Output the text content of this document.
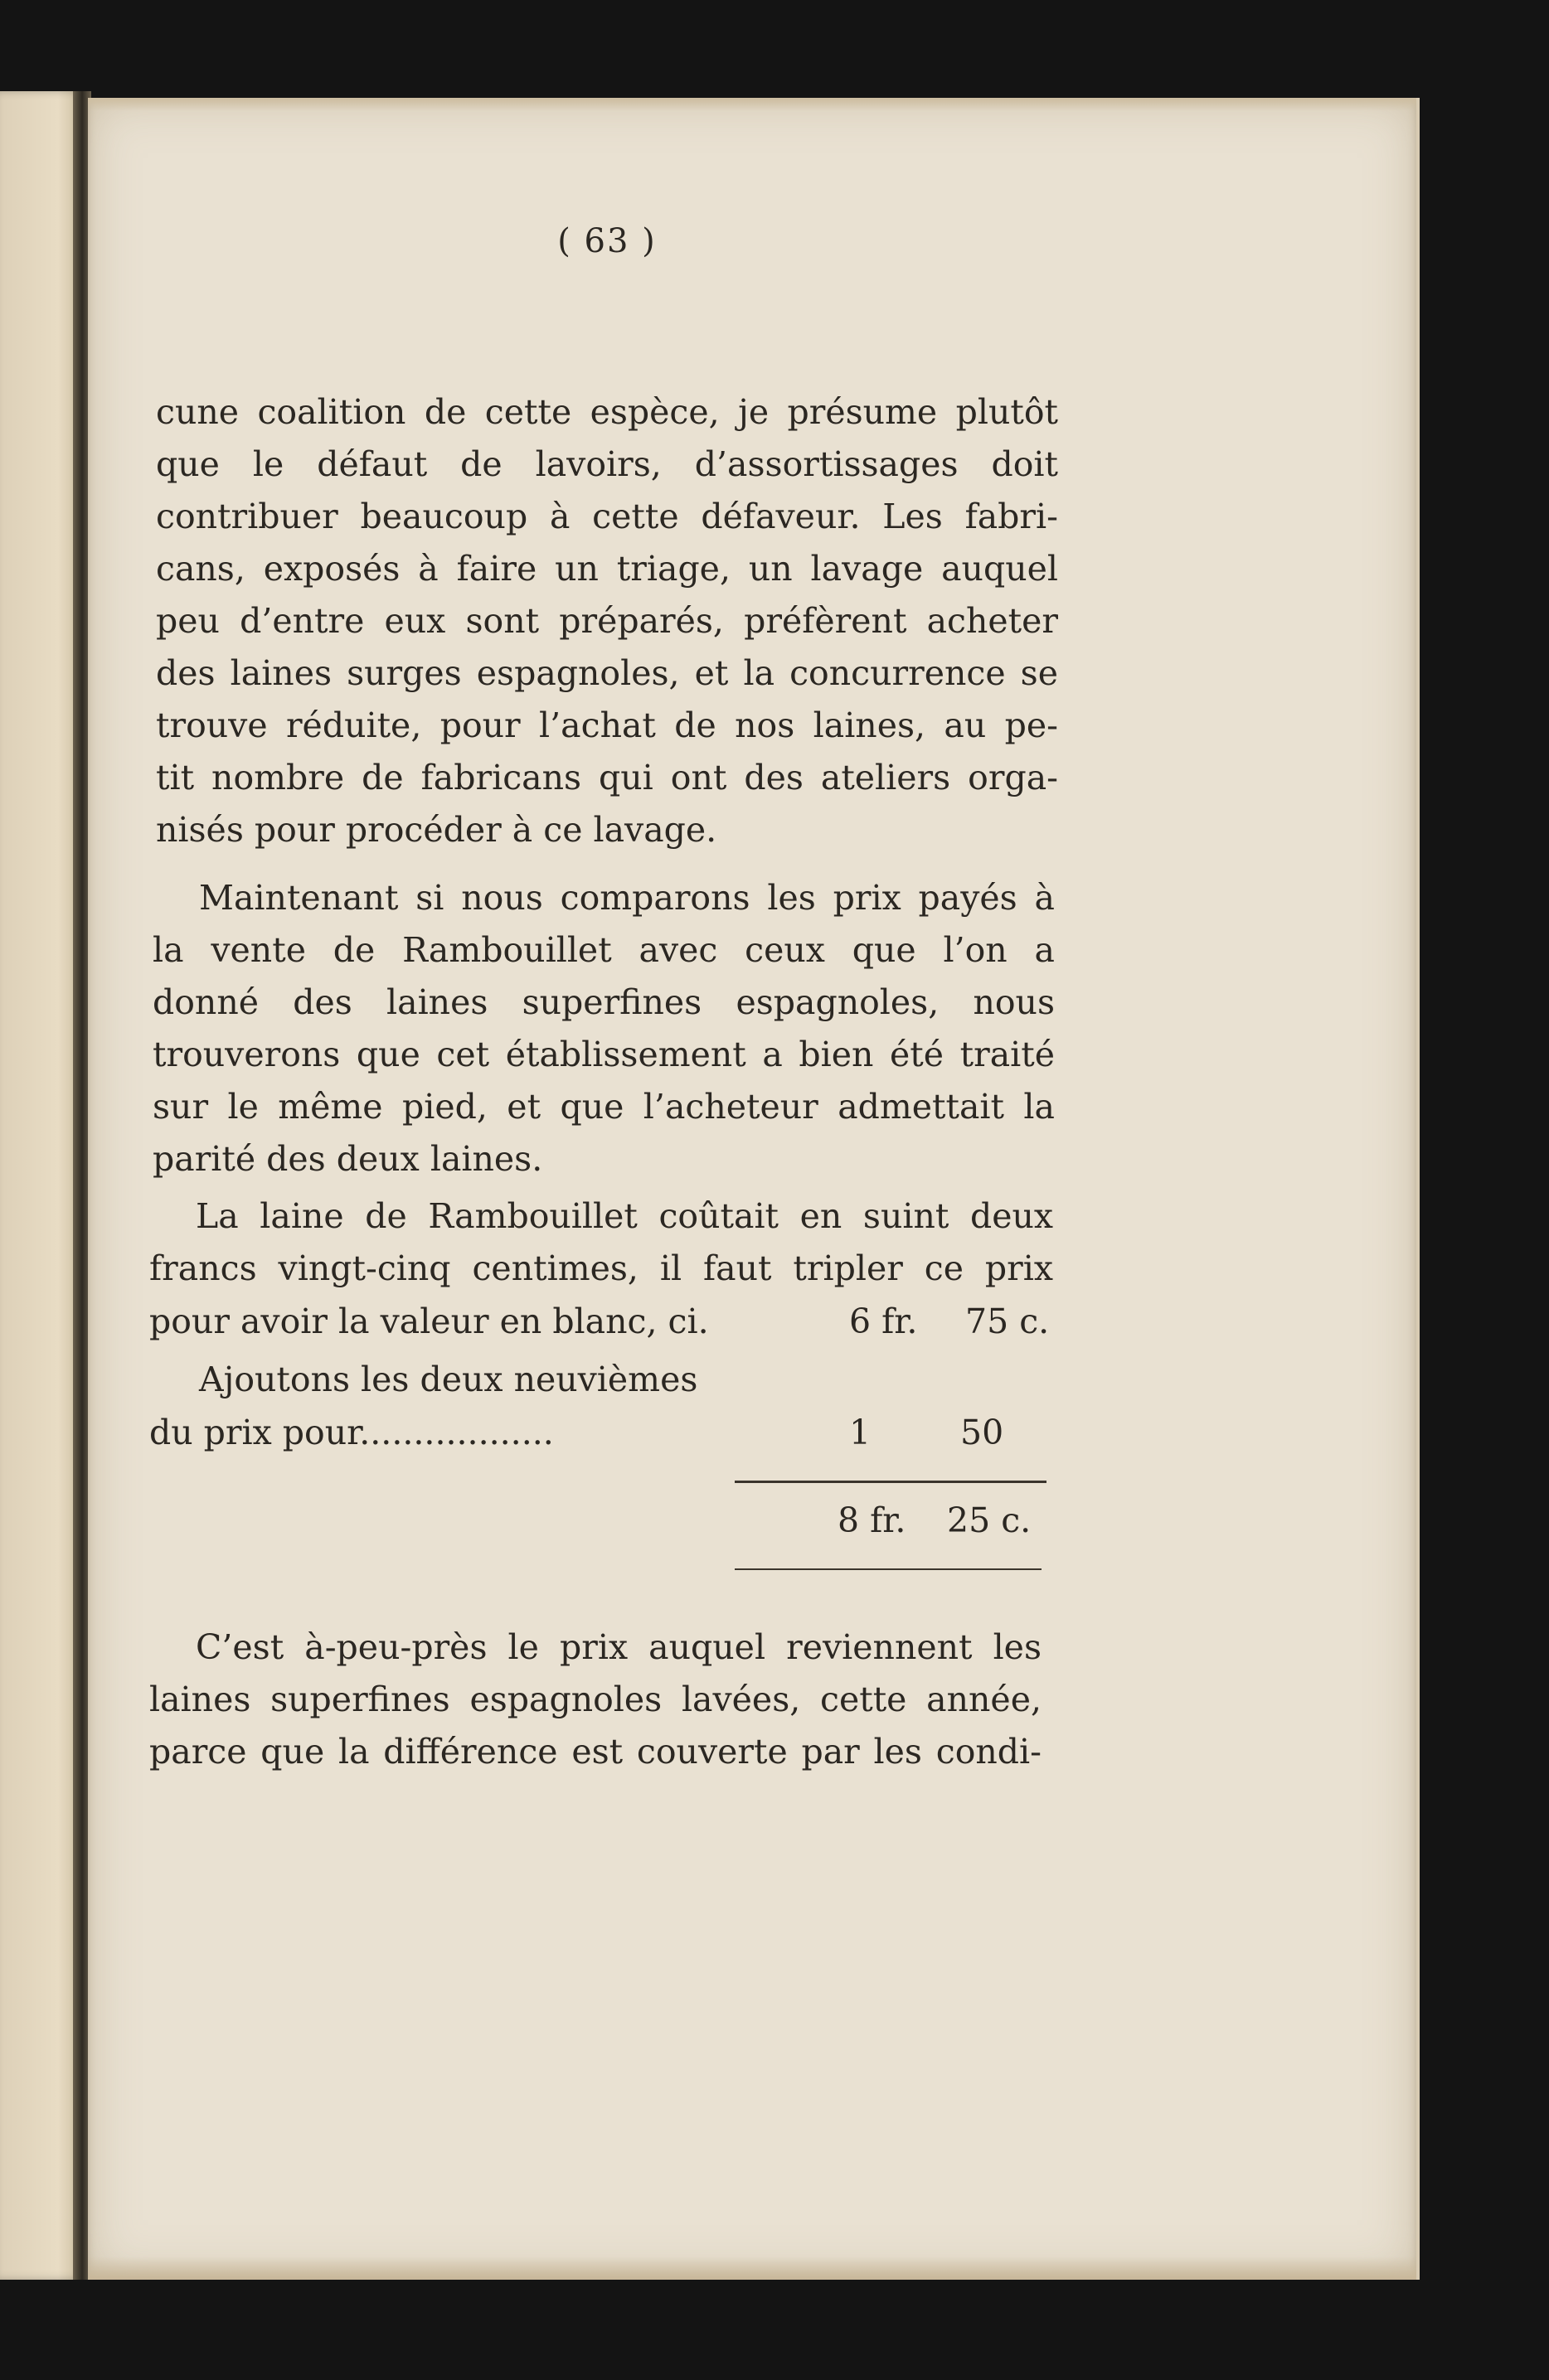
( 63 )
cune coalition de cette espèce, je présume plutôt
que le défaut de lavoirs, d’assortissages doit
contribuer beaucoup à cette défaveur. Les fabri-
cans, exposés à faire un triage, un lavage auquel
peu d’entre eux sont préparés, préfèrent acheter
des laines surges espagnoles, et la concurrence se
trouve réduite, pour l’achat de nos laines, au pe-
tit nombre de fabricans qui ont des ateliers orga-
nisés pour procéder à ce lavage.
Maintenant si nous comparons les prix payés à
la vente de Rambouillet avec ceux que l’on a
donné des laines superfines espagnoles, nous
trouverons que cet établissement a bien été traité
sur le même pied, et que l’acheteur admettait la
parité des deux laines.
La laine de Rambouillet coûtait en suint deux
francs vingt-cinq centimes, il faut tripler ce prix
pour avoir la valeur en blanc, ci.	6 fr. 75 c.
Ajoutons les deux neuvièmes
du prix pour..................	1	50
8 fr. 25 c.
C’est à-peu-près le prix auquel reviennent les
laines superfines espagnoles lavées, cette année,
parce que la différence est couverte par les condi-
